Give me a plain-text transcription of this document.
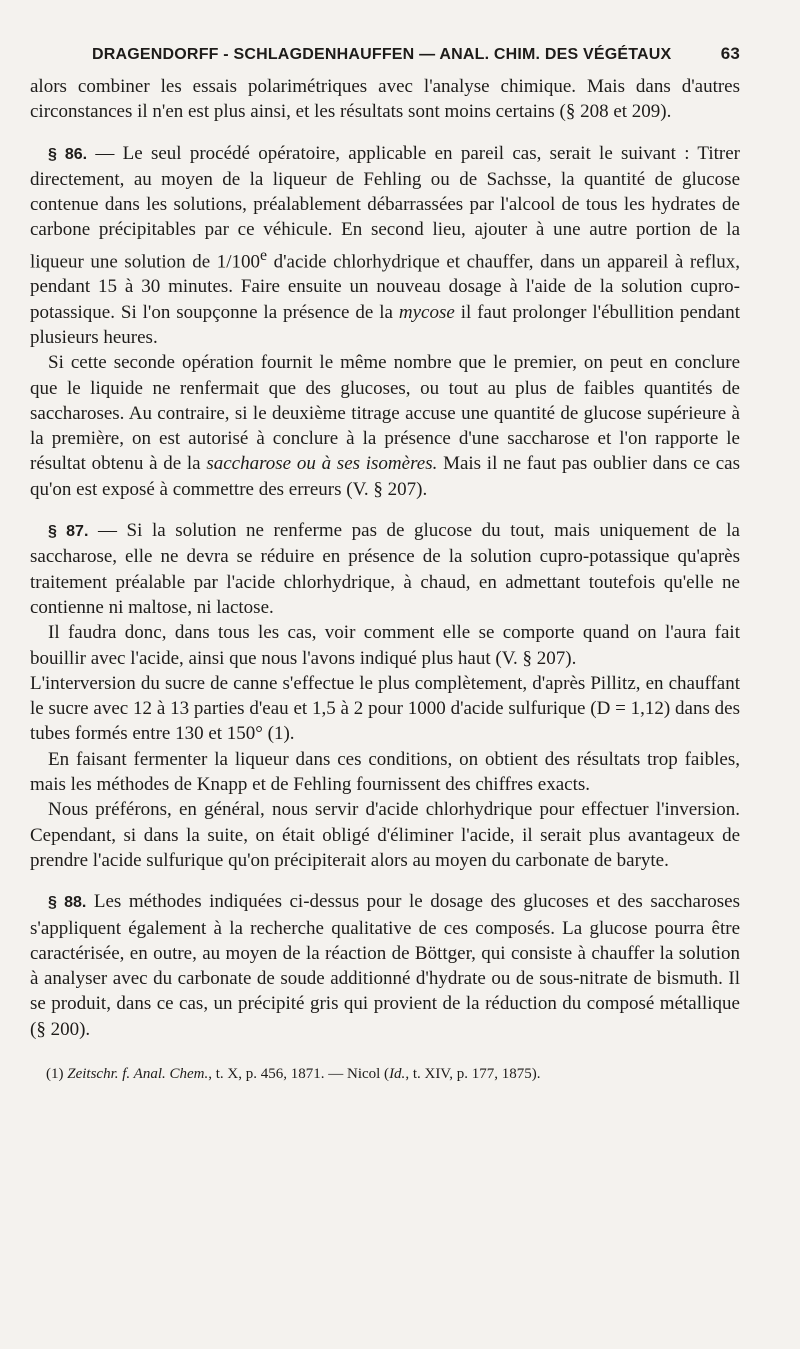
DRAGENDORFF - SCHLAGDENHAUFFEN — ANAL. CHIM. DES VÉGÉTAUX	63

alors combiner les essais polarimétriques avec l'analyse chimique. Mais dans d'autres circonstances il n'en est plus ainsi, et les résultats sont moins certains (§ 208 et 209).

§ 86. — Le seul procédé opératoire, applicable en pareil cas, serait le suivant : Titrer directement, au moyen de la liqueur de Fehling ou de Sachsse, la quantité de glucose contenue dans les solutions, préalablement débarrassées par l'alcool de tous les hydrates de carbone précipitables par ce véhicule. En second lieu, ajouter à une autre portion de la liqueur une solution de 1/100e d'acide chlorhydrique et chauffer, dans un appareil à reflux, pendant 15 à 30 minutes. Faire ensuite un nouveau dosage à l'aide de la solution cupro-potassique. Si l'on soupçonne la présence de la mycose il faut prolonger l'ébullition pendant plusieurs heures.

Si cette seconde opération fournit le même nombre que le premier, on peut en conclure que le liquide ne renfermait que des glucoses, ou tout au plus de faibles quantités de saccharoses. Au contraire, si le deuxième titrage accuse une quantité de glucose supérieure à la première, on est autorisé à conclure à la présence d'une saccharose et l'on rapporte le résultat obtenu à de la saccharose ou à ses isomères. Mais il ne faut pas oublier dans ce cas qu'on est exposé à commettre des erreurs (V. § 207).

§ 87. — Si la solution ne renferme pas de glucose du tout, mais uniquement de la saccharose, elle ne devra se réduire en présence de la solution cupro-potassique qu'après traitement préalable par l'acide chlorhydrique, à chaud, en admettant toutefois qu'elle ne contienne ni maltose, ni lactose.

Il faudra donc, dans tous les cas, voir comment elle se comporte quand on l'aura fait bouillir avec l'acide, ainsi que nous l'avons indiqué plus haut (V. § 207).

L'interversion du sucre de canne s'effectue le plus complètement, d'après Pillitz, en chauffant le sucre avec 12 à 13 parties d'eau et 1,5 à 2 pour 1000 d'acide sulfurique (D = 1,12) dans des tubes formés entre 130 et 150° (1).

En faisant fermenter la liqueur dans ces conditions, on obtient des résultats trop faibles, mais les méthodes de Knapp et de Fehling fournissent des chiffres exacts.

Nous préférons, en général, nous servir d'acide chlorhydrique pour effectuer l'inversion. Cependant, si dans la suite, on était obligé d'éliminer l'acide, il serait plus avantageux de prendre l'acide sulfurique qu'on précipiterait alors au moyen du carbonate de baryte.

§ 88. Les méthodes indiquées ci-dessus pour le dosage des glucoses et des saccharoses s'appliquent également à la recherche qualitative de ces composés. La glucose pourra être caractérisée, en outre, au moyen de la réaction de Böttger, qui consiste à chauffer la solution à analyser avec du carbonate de soude additionné d'hydrate ou de sous-nitrate de bismuth. Il se produit, dans ce cas, un précipité gris qui provient de la réduction du composé métallique (§ 200).

(1) Zeitschr. f. Anal. Chem., t. X, p. 456, 1871. — Nicol (Id., t. XIV, p. 177, 1875).
